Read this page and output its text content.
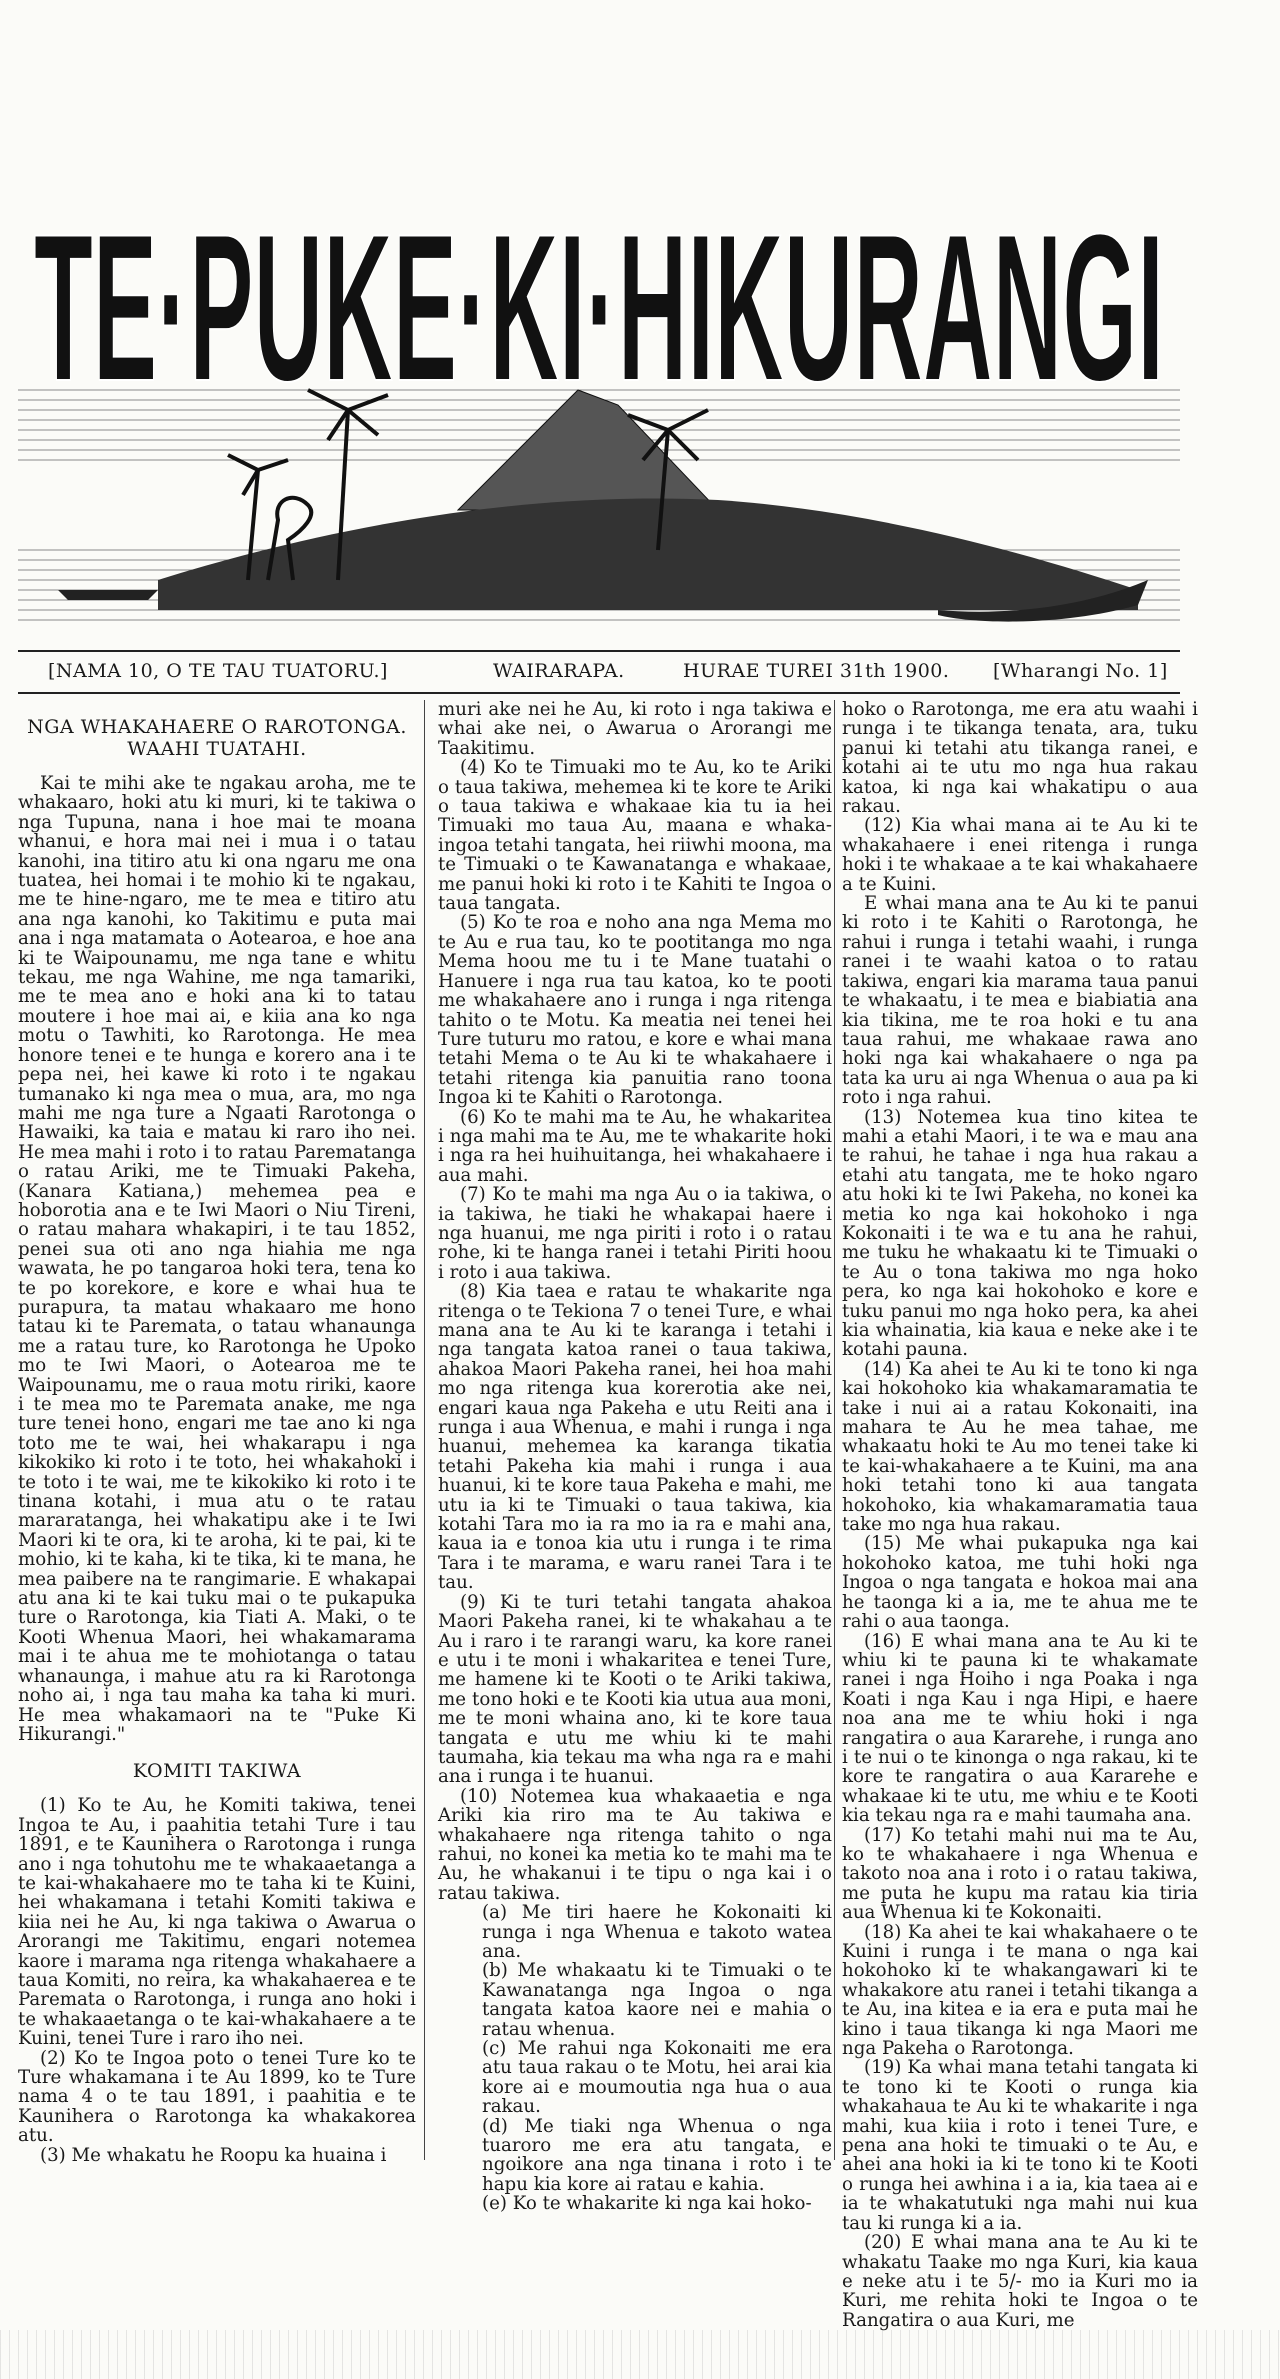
TE·PUKE·KI·HIKURANGI
[NAMA 10, O TE TAU TUATORU.]	WAIRARAPA.	HURAE TUREI 31th 1900. [Wharangi No. 1]
NGA WHAKAHAERE O RAROTONGA. WAAHI TUATAHI.

Kai te mihi ake te ngakau aroha, me te whakaaro, hoki atu ki muri, ki te takiwa o nga Tupuna, nana i hoe mai te moana whanui, e hora mai nei i mua i o tatau kanohi, ina titiro atu ki ona ngaru me ona tuatea, hei homai i te mohio ki te ngakau, me te hine-ngaro, me te mea e titiro atu ana nga kanohi, ko Takitimu e puta mai ana i nga matamata o Aotearoa, e hoe ana ki te Waipounamu, me nga tane e whitu tekau, me nga Wahine, me nga tamariki, me te mea ano e hoki ana ki to tatau moutere i hoe mai ai, e kiia ana ko nga motu o Tawhiti, ko Rarotonga. He mea honore tenei e te hunga e korero ana i te pepa nei, hei kawe ki roto i te ngakau tumanako ki nga mea o mua, ara, mo nga mahi me nga ture a Ngaati Rarotonga o Hawaiki, ka taia e matau ki raro iho nei. He mea mahi i roto i to ratau Parematanga o ratau Ariki, me te Timuaki Pakeha, (Kanara Katiana,) mehemea pea e hoborotia ana e te Iwi Maori o Niu Tireni, o ratau mahara whakapiri, i te tau 1852, penei sua oti ano nga hiahia me nga wawata, he po tangaroa hoki tera, tena ko te po korekore, e kore e whai hua te purapura, ta matau whakaaro me hono tatau ki te Paremata, o tatau whanaunga me a ratau ture, ko Rarotonga he Upoko mo te Iwi Maori, o Aotearoa me te Waipounamu, me o raua motu ririki, kaore i te mea mo te Paremata anake, me nga ture tenei hono, engari me tae ano ki nga toto me te wai, hei whakarapu i nga kikokiko ki roto i te toto, hei whakahoki i te toto i te wai, me te kikokiko ki roto i te tinana kotahi, i mua atu o te ratau mararatanga, hei whakatipu ake i te Iwi Maori ki te ora, ki te aroha, ki te pai, ki te mohio, ki te kaha, ki te tika, ki te mana, he mea paibere na te rangimarie. E whakapai atu ana ki te kai tuku mai o te pukapuka ture o Rarotonga, kia Tiati A. Maki, o te Kooti Whenua Maori, hei whakamarama mai i te ahua me te mohiotanga o tatau whanaunga, i mahue atu ra ki Rarotonga noho ai, i nga tau maha ka taha ki muri. He mea whakamaori na te "Puke Ki Hikurangi."

KOMITI TAKIWA

(1) Ko te Au, he Komiti takiwa, tenei Ingoa te Au, i paahitia tetahi Ture i tau 1891, e te Kaunihera o Rarotonga i runga ano i nga tohutohu me te whakaaetanga a te kai-whakahaere mo te taha ki te Kuini, hei whakamana i tetahi Komiti takiwa e kiia nei he Au, ki nga takiwa o Awarua o Arorangi me Takitimu, engari notemea kaore i marama nga ritenga whakahaere a taua Komiti, no reira, ka whakahaerea e te Paremata o Rarotonga, i runga ano hoki i te whakaaetanga o te kai-whakahaere a te Kuini, tenei Ture i raro iho nei.

(2) Ko te Ingoa poto o tenei Ture ko te Ture whakamana i te Au 1899, ko te Ture nama 4 o te tau 1891, i paahitia e te Kaunihera o Rarotonga ka whakakorea atu.

(3) Me whakatu he Roopu ka huaina i

muri ake nei he Au, ki roto i nga takiwa e whai ake nei, o Awarua o Arorangi me Taakitimu.

(4) Ko te Timuaki mo te Au, ko te Ariki o taua takiwa, mehemea ki te kore te Ariki o taua takiwa e whakaae kia tu ia hei Timuaki mo taua Au, maana e whaka-ingoa tetahi tangata, hei riiwhi moona, ma te Timuaki o te Kawanatanga e whakaae, me panui hoki ki roto i te Kahiti te Ingoa o taua tangata.

(5) Ko te roa e noho ana nga Mema mo te Au e rua tau, ko te pootitanga mo nga Mema hoou me tu i te Mane tuatahi o Hanuere i nga rua tau katoa, ko te pooti me whakahaere ano i runga i nga ritenga tahito o te Motu. Ka meatia nei tenei hei Ture tuturu mo ratou, e kore e whai mana tetahi Mema o te Au ki te whakahaere i tetahi ritenga kia panuitia rano toona Ingoa ki te Kahiti o Rarotonga.

(6) Ko te mahi ma te Au, he whakaritea i nga mahi ma te Au, me te whakarite hoki i nga ra hei huihuitanga, hei whakahaere i aua mahi.

(7) Ko te mahi ma nga Au o ia takiwa, o ia takiwa, he tiaki he whakapai haere i nga huanui, me nga piriti i roto i o ratau rohe, ki te hanga ranei i tetahi Piriti hoou i roto i aua takiwa.

(8) Kia taea e ratau te whakarite nga ritenga o te Tekiona 7 o tenei Ture, e whai mana ana te Au ki te karanga i tetahi i nga tangata katoa ranei o taua takiwa, ahakoa Maori Pakeha ranei, hei hoa mahi mo nga ritenga kua korerotia ake nei, engari kaua nga Pakeha e utu Reiti ana i runga i aua Whenua, e mahi i runga i nga huanui, mehemea ka karanga tikatia tetahi Pakeha kia mahi i runga i aua huanui, ki te kore taua Pakeha e mahi, me utu ia ki te Timuaki o taua takiwa, kia kotahi Tara mo ia ra mo ia ra e mahi ana, kaua ia e tonoa kia utu i runga i te rima Tara i te marama, e waru ranei Tara i te tau.

(9) Ki te turi tetahi tangata ahakoa Maori Pakeha ranei, ki te whakahau a te Au i raro i te rarangi waru, ka kore ranei e utu i te moni i whakaritea e tenei Ture, me hamene ki te Kooti o te Ariki takiwa, me tono hoki e te Kooti kia utua aua moni, me te moni whaina ano, ki te kore taua tangata e utu me whiu ki te mahi taumaha, kia tekau ma wha nga ra e mahi ana i runga i te huanui.

(10) Notemea kua whakaaetia e nga Ariki kia riro ma te Au takiwa e whakahaere nga ritenga tahito o nga rahui, no konei ka metia ko te mahi ma te Au, he whakanui i te tipu o nga kai i o ratau takiwa.

(a) Me tiri haere he Kokonaiti ki runga i nga Whenua e takoto watea ana.

(b) Me whakaatu ki te Timuaki o te Kawanatanga nga Ingoa o nga tangata katoa kaore nei e mahia o ratau whenua.

(c) Me rahui nga Kokonaiti me era atu taua rakau o te Motu, hei arai kia kore ai e moumoutia nga hua o aua rakau.

(d) Me tiaki nga Whenua o nga tuaroro me era atu tangata, e ngoikore ana nga tinana i roto i te hapu kia kore ai ratau e kahia.

(e) Ko te whakarite ki nga kai hoko-

hoko o Rarotonga, me era atu waahi i runga i te tikanga tenata, ara, tuku panui ki tetahi atu tikanga ranei, e kotahi ai te utu mo nga hua rakau katoa, ki nga kai whakatipu o aua rakau.

(12) Kia whai mana ai te Au ki te whakahaere i enei ritenga i runga hoki i te whakaae a te kai whakahaere a te Kuini.

E whai mana ana te Au ki te panui ki roto i te Kahiti o Rarotonga, he rahui i runga i tetahi waahi, i runga ranei i te waahi katoa o to ratau takiwa, engari kia marama taua panui te whakaatu, i te mea e biabiatia ana kia tikina, me te roa hoki e tu ana taua rahui, me whakaae rawa ano hoki nga kai whakahaere o nga pa tata ka uru ai nga Whenua o aua pa ki roto i nga rahui.

(13) Notemea kua tino kitea te mahi a etahi Maori, i te wa e mau ana te rahui, he tahae i nga hua rakau a etahi atu tangata, me te hoko ngaro atu hoki ki te Iwi Pakeha, no konei ka metia ko nga kai hokohoko i nga Kokonaiti i te wa e tu ana he rahui, me tuku he whakaatu ki te Timuaki o te Au o tona takiwa mo nga hoko pera, ko nga kai hokohoko e kore e tuku panui mo nga hoko pera, ka ahei kia whainatia, kia kaua e neke ake i te kotahi pauna.

(14) Ka ahei te Au ki te tono ki nga kai hokohoko kia whakamaramatia te take i nui ai a ratau Kokonaiti, ina mahara te Au he mea tahae, me whakaatu hoki te Au mo tenei take ki te kai-whakahaere a te Kuini, ma ana hoki tetahi tono ki aua tangata hokohoko, kia whakamaramatia taua take mo nga hua rakau.

(15) Me whai pukapuka nga kai hokohoko katoa, me tuhi hoki nga Ingoa o nga tangata e hokoa mai ana he taonga ki a ia, me te ahua me te rahi o aua taonga.

(16) E whai mana ana te Au ki te whiu ki te pauna ki te whakamate ranei i nga Hoiho i nga Poaka i nga Koati i nga Kau i nga Hipi, e haere noa ana me te whiu hoki i nga rangatira o aua Kararehe, i runga ano i te nui o te kinonga o nga rakau, ki te kore te rangatira o aua Kararehe e whakaae ki te utu, me whiu e te Kooti kia tekau nga ra e mahi taumaha ana.

(17) Ko tetahi mahi nui ma te Au, ko te whakahaere i nga Whenua e takoto noa ana i roto i o ratau takiwa, me puta he kupu ma ratau kia tiria aua Whenua ki te Kokonaiti.

(18) Ka ahei te kai whakahaere o te Kuini i runga i te mana o nga kai hokohoko ki te whakangawari ki te whakakore atu ranei i tetahi tikanga a te Au, ina kitea e ia era e puta mai he kino i taua tikanga ki nga Maori me nga Pakeha o Rarotonga.

(19) Ka whai mana tetahi tangata ki te tono ki te Kooti o runga kia whakahaua te Au ki te whakarite i nga mahi, kua kiia i roto i tenei Ture, e pena ana hoki te timuaki o te Au, e ahei ana hoki ia ki te tono ki te Kooti o runga hei awhina i a ia, kia taea ai e ia te whakatutuki nga mahi nui kua tau ki runga ki a ia.

(20) E whai mana ana te Au ki te whakatu Taake mo nga Kuri, kia kaua e neke atu i te 5/- mo ia Kuri mo ia Kuri, me rehita hoki te Ingoa o te Rangatira o aua Kuri, me
